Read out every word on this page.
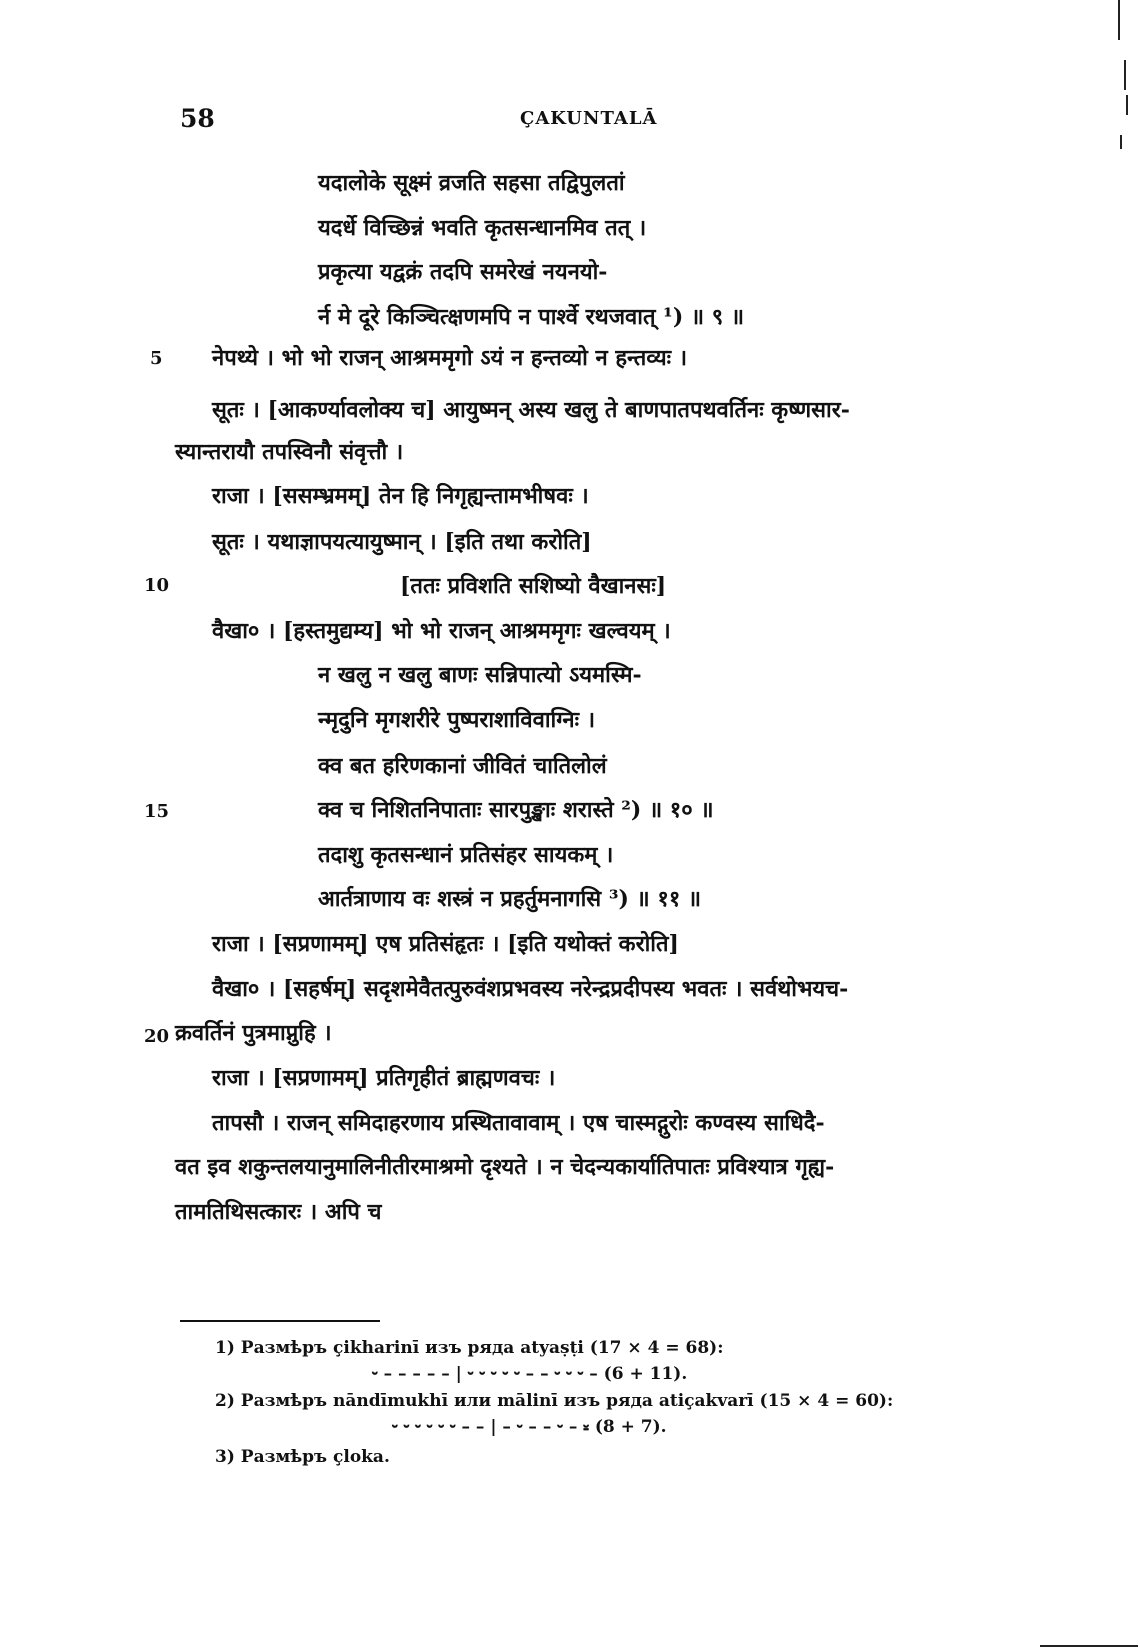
58	ÇAKUNTALĀ
यदालोके सूक्ष्मं व्रजति सहसा तद्विपुलतां
यदर्धे विच्छिन्नं भवति कृतसन्धानमिव तत् ।
प्रकृत्या यद्वक्रं तदपि समरेखं नयनयो-
र्न मे दूरे किञ्चित्क्षणमपि न पार्श्वे रथजवात् ¹) ॥ ९ ॥
5 नेपथ्ये । भो भो राजन् आश्रममृगो ऽयं न हन्तव्यो न हन्तव्यः ।
सूतः । [आकर्ण्यावलोक्य च] आयुष्मन् अस्य खलु ते बाणपातपथवर्तिनः कृष्णसार-
स्यान्तरायौ तपस्विनौ संवृत्तौ ।
राजा । [ससम्भ्रमम्] तेन हि निगृह्यन्तामभीषवः ।
सूतः । यथाज्ञापयत्यायुष्मान् । [इति तथा करोति]
10	[ततः प्रविशति सशिष्यो वैखानसः]
वैखा० । [हस्तमुद्यम्य] भो भो राजन् आश्रममृगः खल्वयम् ।
न खलु न खलु बाणः सन्निपात्यो ऽयमस्मि-
न्मृदुनि मृगशरीरे पुष्पराशाविवाग्निः ।
क्व बत हरिणकानां जीवितं चातिलोलं
15	क्व च निशितनिपाताः सारपुङ्खाः शरास्ते ²) ॥ १० ॥
तदाशु कृतसन्धानं प्रतिसंहर सायकम् ।
आर्तत्राणाय वः शस्त्रं न प्रहर्तुमनागसि ³) ॥ ११ ॥
राजा । [सप्रणामम्] एष प्रतिसंहृतः । [इति यथोक्तं करोति]
वैखा० । [सहर्षम्] सदृशमेवैतत्पुरुवंशप्रभवस्य नरेन्द्रप्रदीपस्य भवतः । सर्वथोभयच-
20 क्रवर्तिनं पुत्रमाप्नुहि ।
राजा । [सप्रणामम्] प्रतिगृहीतं ब्राह्मणवचः ।
तापसौ । राजन् समिदाहरणाय प्रस्थितावावाम् । एष चास्मद्गुरोः कण्वस्य साधिदै-
वत इव शकुन्तलयानुमालिनीतीरमाश्रमो दृश्यते । न चेदन्यकार्यातिपातः प्रविश्यात्र गृह्य-
तामतिथिसत्कारः । अपि च
1) Размѣръ çikharinī изъ ряда atyaṣṭi (17 × 4 = 68):
⏑ – – – – – | ⏑ ⏑ ⏑ ⏑ ⏑ – – ⏑ ⏑ ⏑ – (6 + 11).
2) Размѣръ nāndīmukhī или mālinī изъ ряда atiçakvarī (15 × 4 = 60):
⏑ ⏑ ⏑ ⏑ ⏑ ⏑ – – | – ⏑ – – ⏑ – ⏓ (8 + 7).
3) Размѣръ çloka.
